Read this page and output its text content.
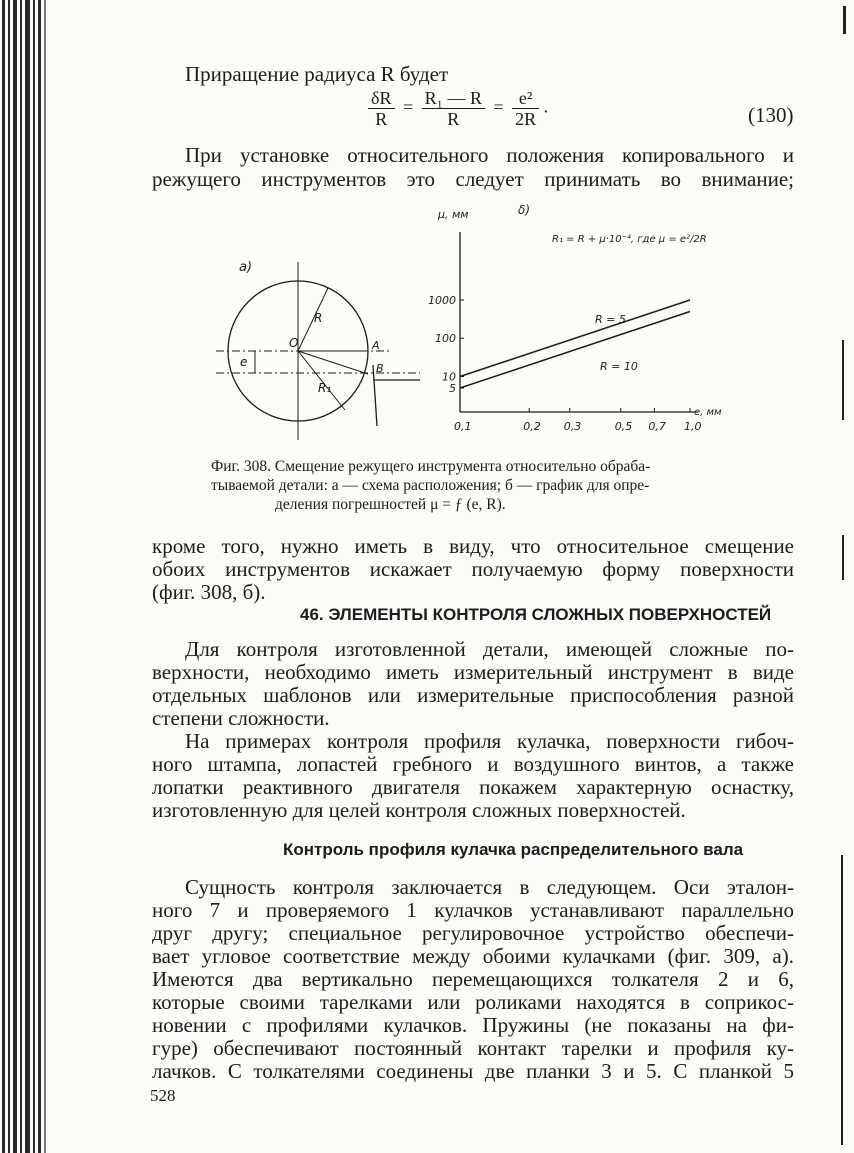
Приращение радиуса R будет
$\frac{\delta R}{R} = \frac{\text{R₁ — R}}{R} = \frac{\text{e²}}{2R}$ .	(130)
При установке относительного положения копировального и
режущего инструментов это следует принимать во внимание;
а)
O
R
A
B
e
R₁
δ)
μ, мм
R₁ = R + μ·10⁻⁴, где μ = e²/2R
e, мм
0,1	0,2 0,3	0,5 0,7 1,0
5
10
100
1000
R = 5
R = 10
Фиг. 308. Смещение режущего инструмента относительно обраба-
тываемой детали: а — схема расположения; б — график для опре-
деления погрешностей μ = ƒ (e, R).
кроме того, нужно иметь в виду, что относительное смещение
обоих инструментов искажает получаемую форму поверхности
(фиг. 308, б).
46. ЭЛЕМЕНТЫ КОНТРОЛЯ СЛОЖНЫХ ПОВЕРХНОСТЕЙ
Для контроля изготовленной детали, имеющей сложные по-
верхности, необходимо иметь измерительный инструмент в виде
отдельных шаблонов или измерительные приспособления разной
степени сложности.
На примерах контроля профиля кулачка, поверхности гибоч-
ного штампа, лопастей гребного и воздушного винтов, а также
лопатки реактивного двигателя покажем характерную оснастку,
изготовленную для целей контроля сложных поверхностей.
Контроль профиля кулачка распределительного вала
Сущность контроля заключается в следующем. Оси эталон-
ного 7 и проверяемого 1 кулачков устанавливают параллельно
друг другу; специальное регулировочное устройство обеспечи-
вает угловое соответствие между обоими кулачками (фиг. 309, а).
Имеются два вертикально перемещающихся толкателя 2 и 6,
которые своими тарелками или роликами находятся в соприкос-
новении с профилями кулачков. Пружины (не показаны на фи-
гуре) обеспечивают постоянный контакт тарелки и профиля ку-
лачков. С толкателями соединены две планки 3 и 5. С планкой 5
528
